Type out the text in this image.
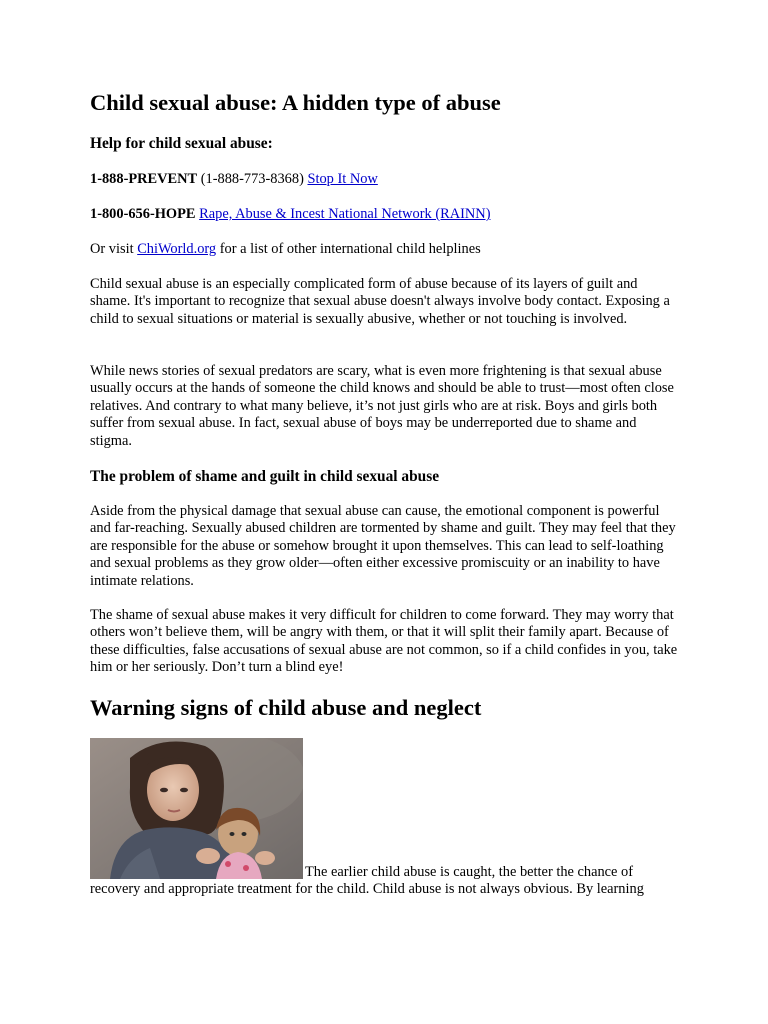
Child sexual abuse: A hidden type of abuse
Help for child sexual abuse:

1-888-PREVENT (1-888-773-8368) Stop It Now

1-800-656-HOPE Rape, Abuse & Incest National Network (RAINN)

Or visit ChiWorld.org for a list of other international child helplines

Child sexual abuse is an especially complicated form of abuse because of its layers of guilt and shame. It's important to recognize that sexual abuse doesn't always involve body contact. Exposing a child to sexual situations or material is sexually abusive, whether or not touching is involved.

While news stories of sexual predators are scary, what is even more frightening is that sexual abuse usually occurs at the hands of someone the child knows and should be able to trust—most often close relatives. And contrary to what many believe, it’s not just girls who are at risk. Boys and girls both suffer from sexual abuse. In fact, sexual abuse of boys may be underreported due to shame and stigma.

The problem of shame and guilt in child sexual abuse

Aside from the physical damage that sexual abuse can cause, the emotional component is powerful and far-reaching. Sexually abused children are tormented by shame and guilt. They may feel that they are responsible for the abuse or somehow brought it upon themselves. This can lead to self-loathing and sexual problems as they grow older—often either excessive promiscuity or an inability to have intimate relations.

The shame of sexual abuse makes it very difficult for children to come forward. They may worry that others won’t believe them, will be angry with them, or that it will split their family apart. Because of these difficulties, false accusations of sexual abuse are not common, so if a child confides in you, take him or her seriously. Don’t turn a blind eye!

Warning signs of child abuse and neglect

The earlier child abuse is caught, the better the chance of recovery and appropriate treatment for the child. Child abuse is not always obvious. By learning
